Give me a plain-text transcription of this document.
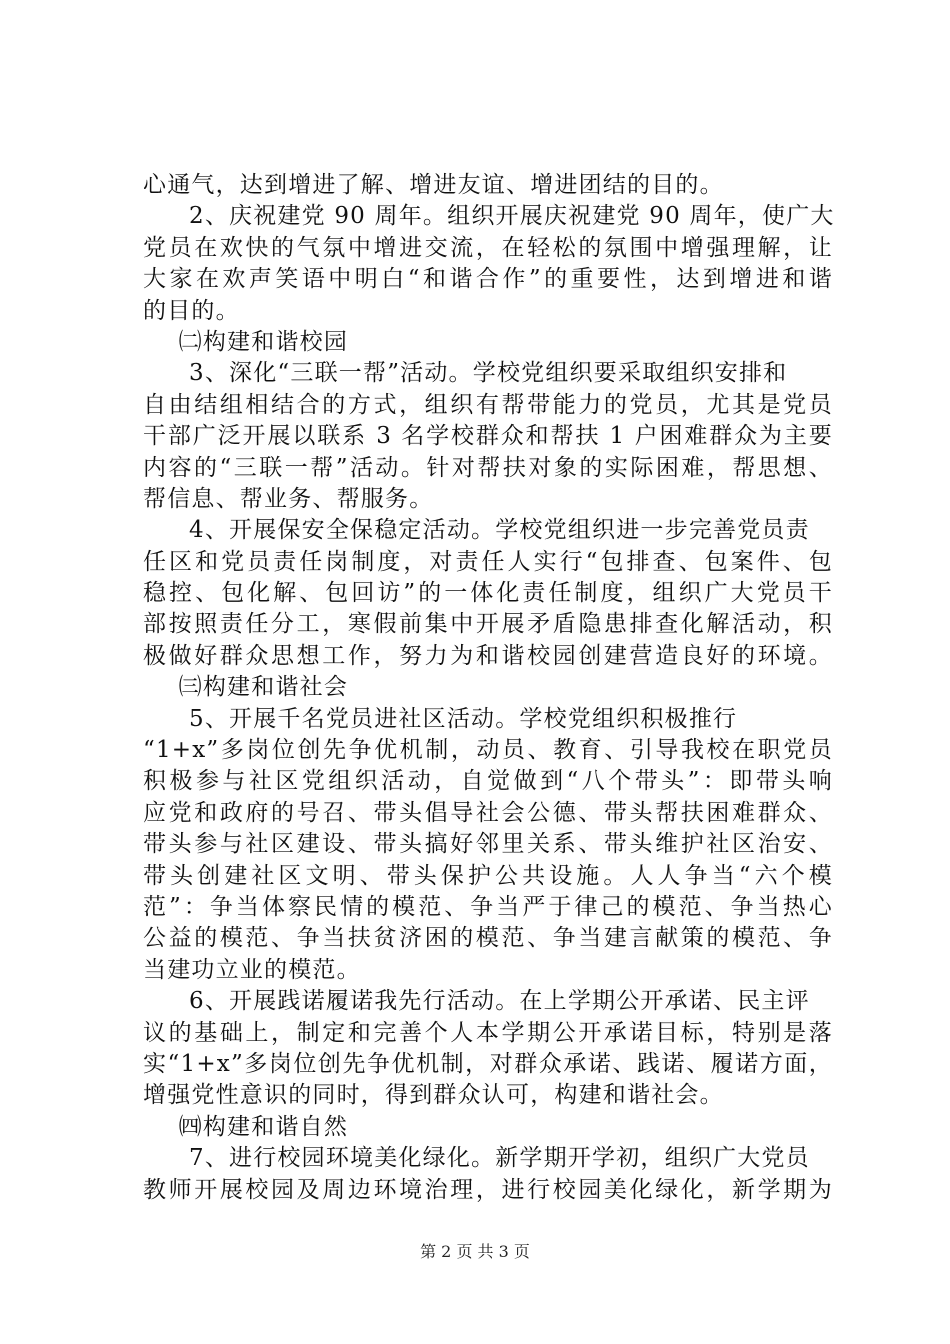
心通气，达到增进了解、增进友谊、增进团结的目的。
2、庆祝建党 90 周年。组织开展庆祝建党 90 周年，使广大
党员在欢快的气氛中增进交流，在轻松的氛围中增强理解，让
大家在欢声笑语中明白“和谐合作”的重要性，达到增进和谐
的目的。
㈡构建和谐校园
3、深化“三联一帮”活动。学校党组织要采取组织安排和
自由结组相结合的方式，组织有帮带能力的党员，尤其是党员
干部广泛开展以联系 3 名学校群众和帮扶 1 户困难群众为主要
内容的“三联一帮”活动。针对帮扶对象的实际困难，帮思想、
帮信息、帮业务、帮服务。
4、开展保安全保稳定活动。学校党组织进一步完善党员责
任区和党员责任岗制度，对责任人实行“包排查、包案件、包
稳控、包化解、包回访”的一体化责任制度，组织广大党员干
部按照责任分工，寒假前集中开展矛盾隐患排查化解活动，积
极做好群众思想工作，努力为和谐校园创建营造良好的环境。
㈢构建和谐社会
5、开展千名党员进社区活动。学校党组织积极推行
“1+x”多岗位创先争优机制，动员、教育、引导我校在职党员
积极参与社区党组织活动，自觉做到“八个带头”：即带头响
应党和政府的号召、带头倡导社会公德、带头帮扶困难群众、
带头参与社区建设、带头搞好邻里关系、带头维护社区治安、
带头创建社区文明、带头保护公共设施。人人争当“六个模
范”：争当体察民情的模范、争当严于律己的模范、争当热心
公益的模范、争当扶贫济困的模范、争当建言献策的模范、争
当建功立业的模范。
6、开展践诺履诺我先行活动。在上学期公开承诺、民主评
议的基础上，制定和完善个人本学期公开承诺目标，特别是落
实“1+x”多岗位创先争优机制，对群众承诺、践诺、履诺方面，
增强党性意识的同时，得到群众认可，构建和谐社会。
㈣构建和谐自然
7、进行校园环境美化绿化。新学期开学初，组织广大党员
教师开展校园及周边环境治理，进行校园美化绿化，新学期为
第 2 页 共 3 页
